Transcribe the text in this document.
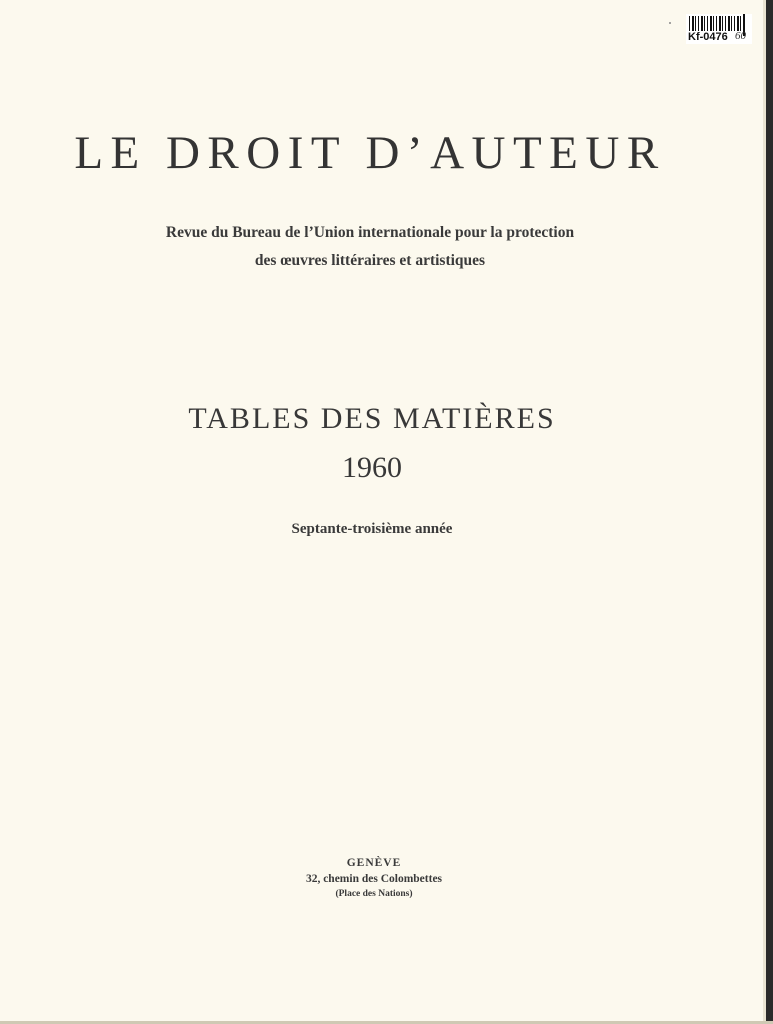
Kf-0476 60
LE DROIT D’AUTEUR
Revue du Bureau de l’Union internationale pour la protection
des œuvres littéraires et artistiques
TABLES DES MATIÈRES
1960
Septante-troisième année
GENÈVE
32, chemin des Colombettes
(Place des Nations)
